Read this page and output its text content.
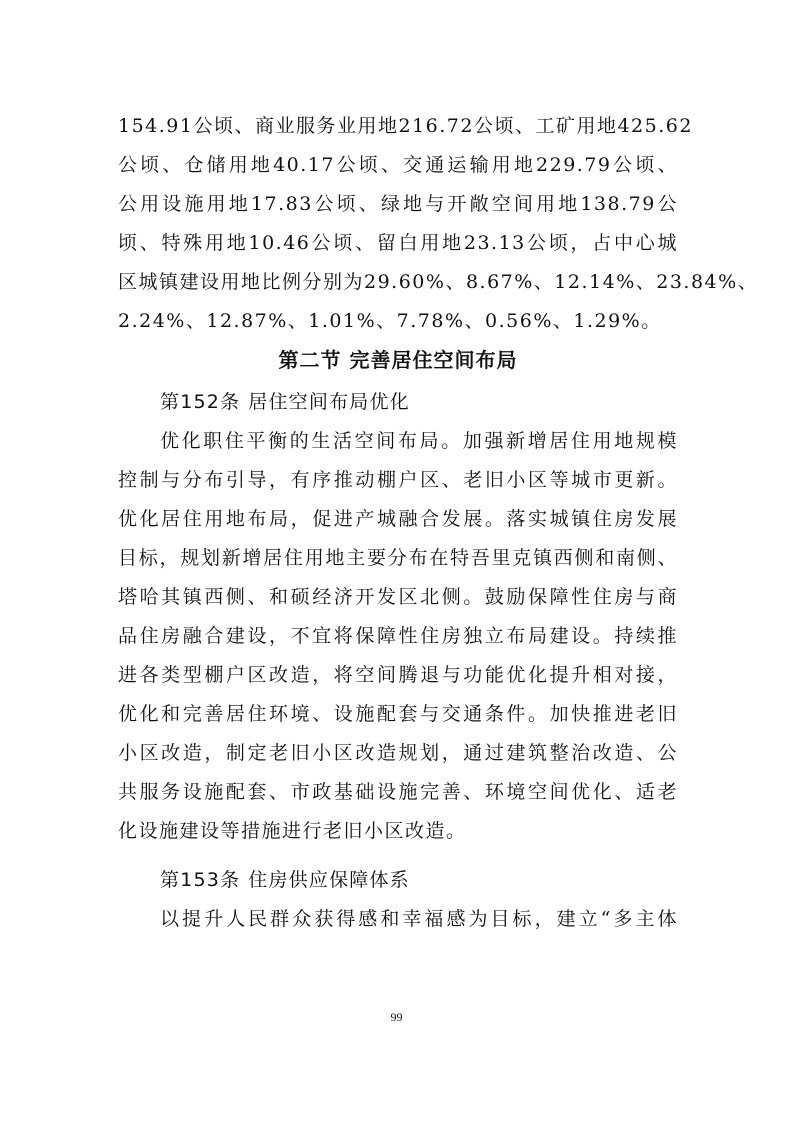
154.91公顷、商业服务业用地216.72公顷、工矿用地425.62
公顷、仓储用地40.17公顷、交通运输用地229.79公顷、
公用设施用地17.83公顷、绿地与开敞空间用地138.79公
顷、特殊用地10.46公顷、留白用地23.13公顷，占中心城
区城镇建设用地比例分别为29.60%、8.67%、12.14%、23.84%、
2.24%、12.87%、1.01%、7.78%、0.56%、1.29%。
第二节 完善居住空间布局
第152条 居住空间布局优化
优化职住平衡的生活空间布局。加强新增居住用地规模
控制与分布引导，有序推动棚户区、老旧小区等城市更新。
优化居住用地布局，促进产城融合发展。落实城镇住房发展
目标，规划新增居住用地主要分布在特吾里克镇西侧和南侧、
塔哈其镇西侧、和硕经济开发区北侧。鼓励保障性住房与商
品住房融合建设，不宜将保障性住房独立布局建设。持续推
进各类型棚户区改造，将空间腾退与功能优化提升相对接，
优化和完善居住环境、设施配套与交通条件。加快推进老旧
小区改造，制定老旧小区改造规划，通过建筑整治改造、公
共服务设施配套、市政基础设施完善、环境空间优化、适老
化设施建设等措施进行老旧小区改造。
第153条 住房供应保障体系
以提升人民群众获得感和幸福感为目标，建立“多主体
99
